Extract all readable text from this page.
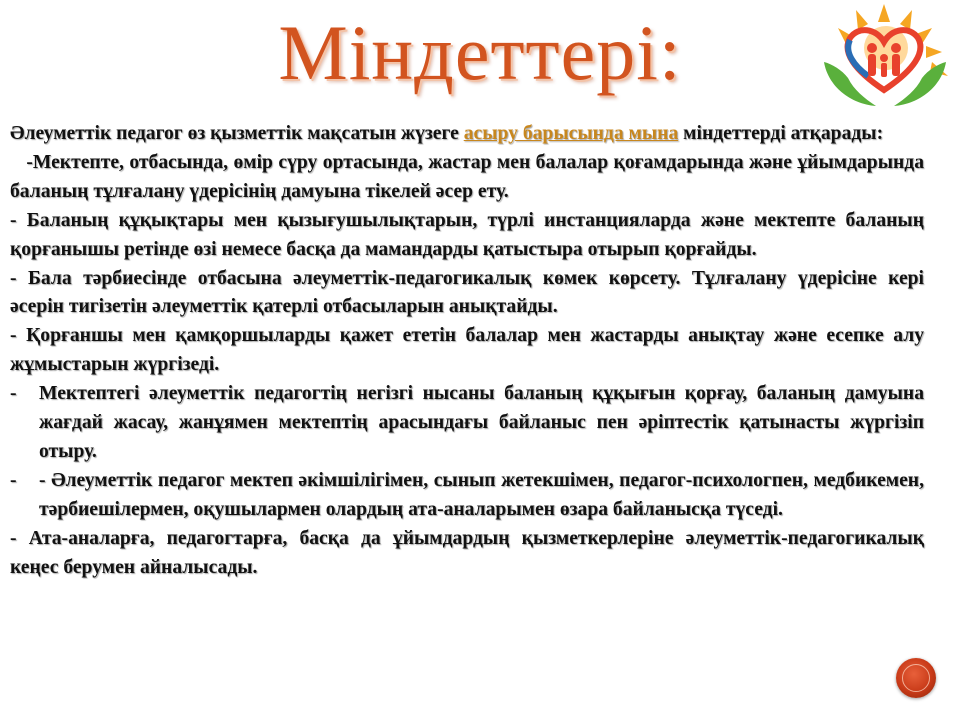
Міндеттері:

Әлеуметтік педагог өз қызметтік мақсатын жүзеге асыру барысында мына міндеттерді атқарады:

-Мектепте, отбасында, өмір сүру ортасында, жастар мен балалар қоғамдарында және ұйымдарында баланың тұлғалану үдерісінің дамуына тікелей әсер ету.

- Баланың құқықтары мен қызығушылықтарын, түрлі инстанцияларда және мектепте баланың қорғанышы ретінде өзі немесе басқа да мамандарды қатыстыра отырып қорғайды.

- Бала тәрбиесінде отбасына әлеуметтік-педагогикалық көмек көрсету. Тұлғалану үдерісіне кері әсерін тигізетін әлеуметтік қатерлі отбасыларын анықтайды.

- Қорғаншы мен қамқоршыларды қажет ететін балалар мен жастарды анықтау және есепке алу жұмыстарын жүргізеді.

-	Мектептегі әлеуметтік педагогтің негізгі нысаны баланың құқығын қорғау, баланың дамуына жағдай жасау, жанұямен мектептің арасындағы байланыс пен әріптестік қатынасты жүргізіп отыру.
-	- Әлеуметтік педагог мектеп әкімшілігімен, сынып жетекшімен, педагог-психологпен, медбикемен, тәрбиешілермен, оқушылармен олардың ата-аналарымен өзара байланысқа түседі.

- Ата-аналарға, педагогтарға, басқа да ұйымдардың қызметкерлеріне әлеуметтік-педагогикалық кеңес берумен айналысады.
